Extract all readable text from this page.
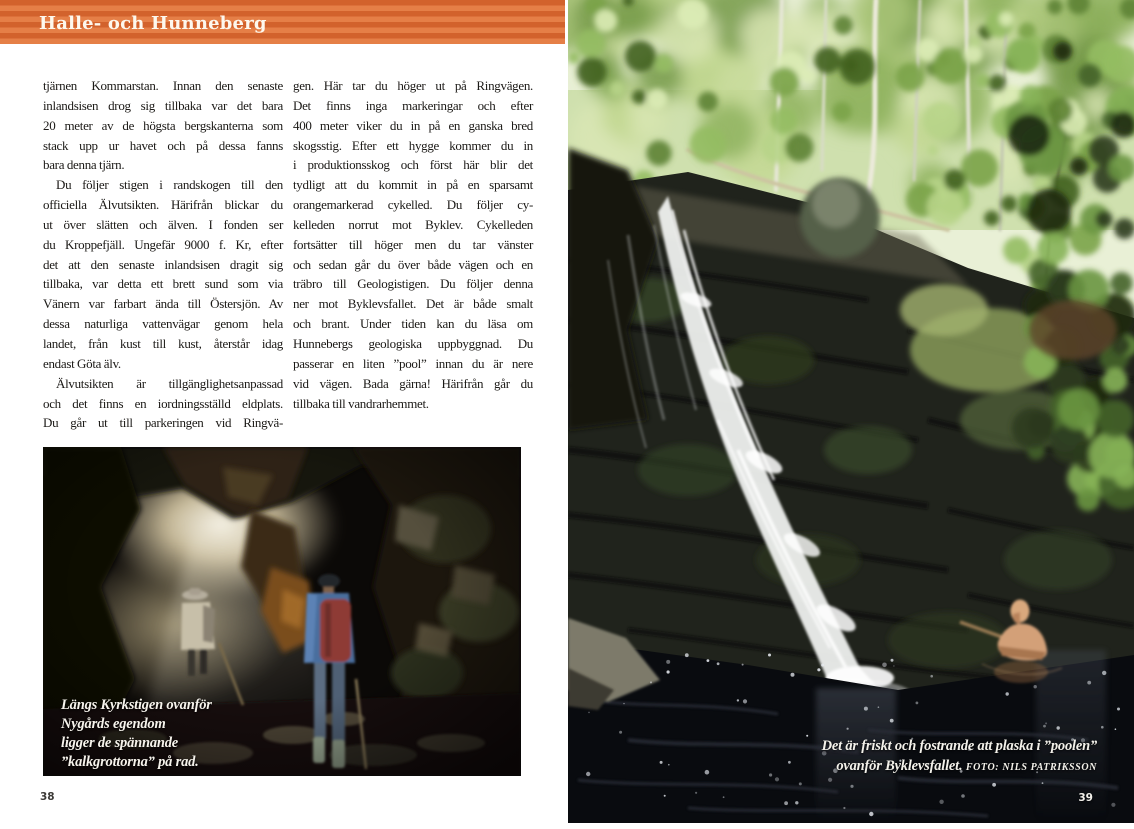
Halle- och Hunneberg
tjärnen Kommarstan. Innan den senaste
inlandsisen drog sig tillbaka var det bara
20 meter av de högsta bergskanterna som
stack upp ur havet och på dessa fanns
bara denna tjärn.
Du följer stigen i randskogen till den
officiella Älvutsikten. Härifrån blickar du
ut över slätten och älven. I fonden ser
du Kroppefjäll. Ungefär 9000 f. Kr, efter
det att den senaste inlandsisen dragit sig
tillbaka, var detta ett brett sund som via
Vänern var farbart ända till Östersjön. Av
dessa naturliga vattenvägar genom hela
landet, från kust till kust, återstår idag
endast Göta älv.
Älvutsikten är tillgänglighetsanpassad
och det finns en iordningsställd eldplats.
Du går ut till parkeringen vid Ringvä-
gen. Här tar du höger ut på Ringvägen.
Det finns inga markeringar och efter
400 meter viker du in på en ganska bred
skogsstig. Efter ett hygge kommer du in
i produktionsskog och först här blir det
tydligt att du kommit in på en sparsamt
orangemarkerad cykelled. Du följer cy-
kelleden norrut mot Byklev. Cykelleden
fortsätter till höger men du tar vänster
och sedan går du över både vägen och en
träbro till Geologistigen. Du följer denna
ner mot Byklevsfallet. Det är både smalt
och brant. Under tiden kan du läsa om
Hunnebergs geologiska uppbyggnad. Du
passerar en liten ”pool” innan du är nere
vid vägen. Bada gärna! Härifrån går du
tillbaka till vandrarhemmet.
Längs Kyrkstigen ovanför
Nygårds egendom
ligger de spännande
”kalkgrottorna” på rad.
38
Det är friskt och fostrande att plaska i ”poolen”
ovanför Byklevsfallet. FOTO: NILS PATRIKSSON
39
